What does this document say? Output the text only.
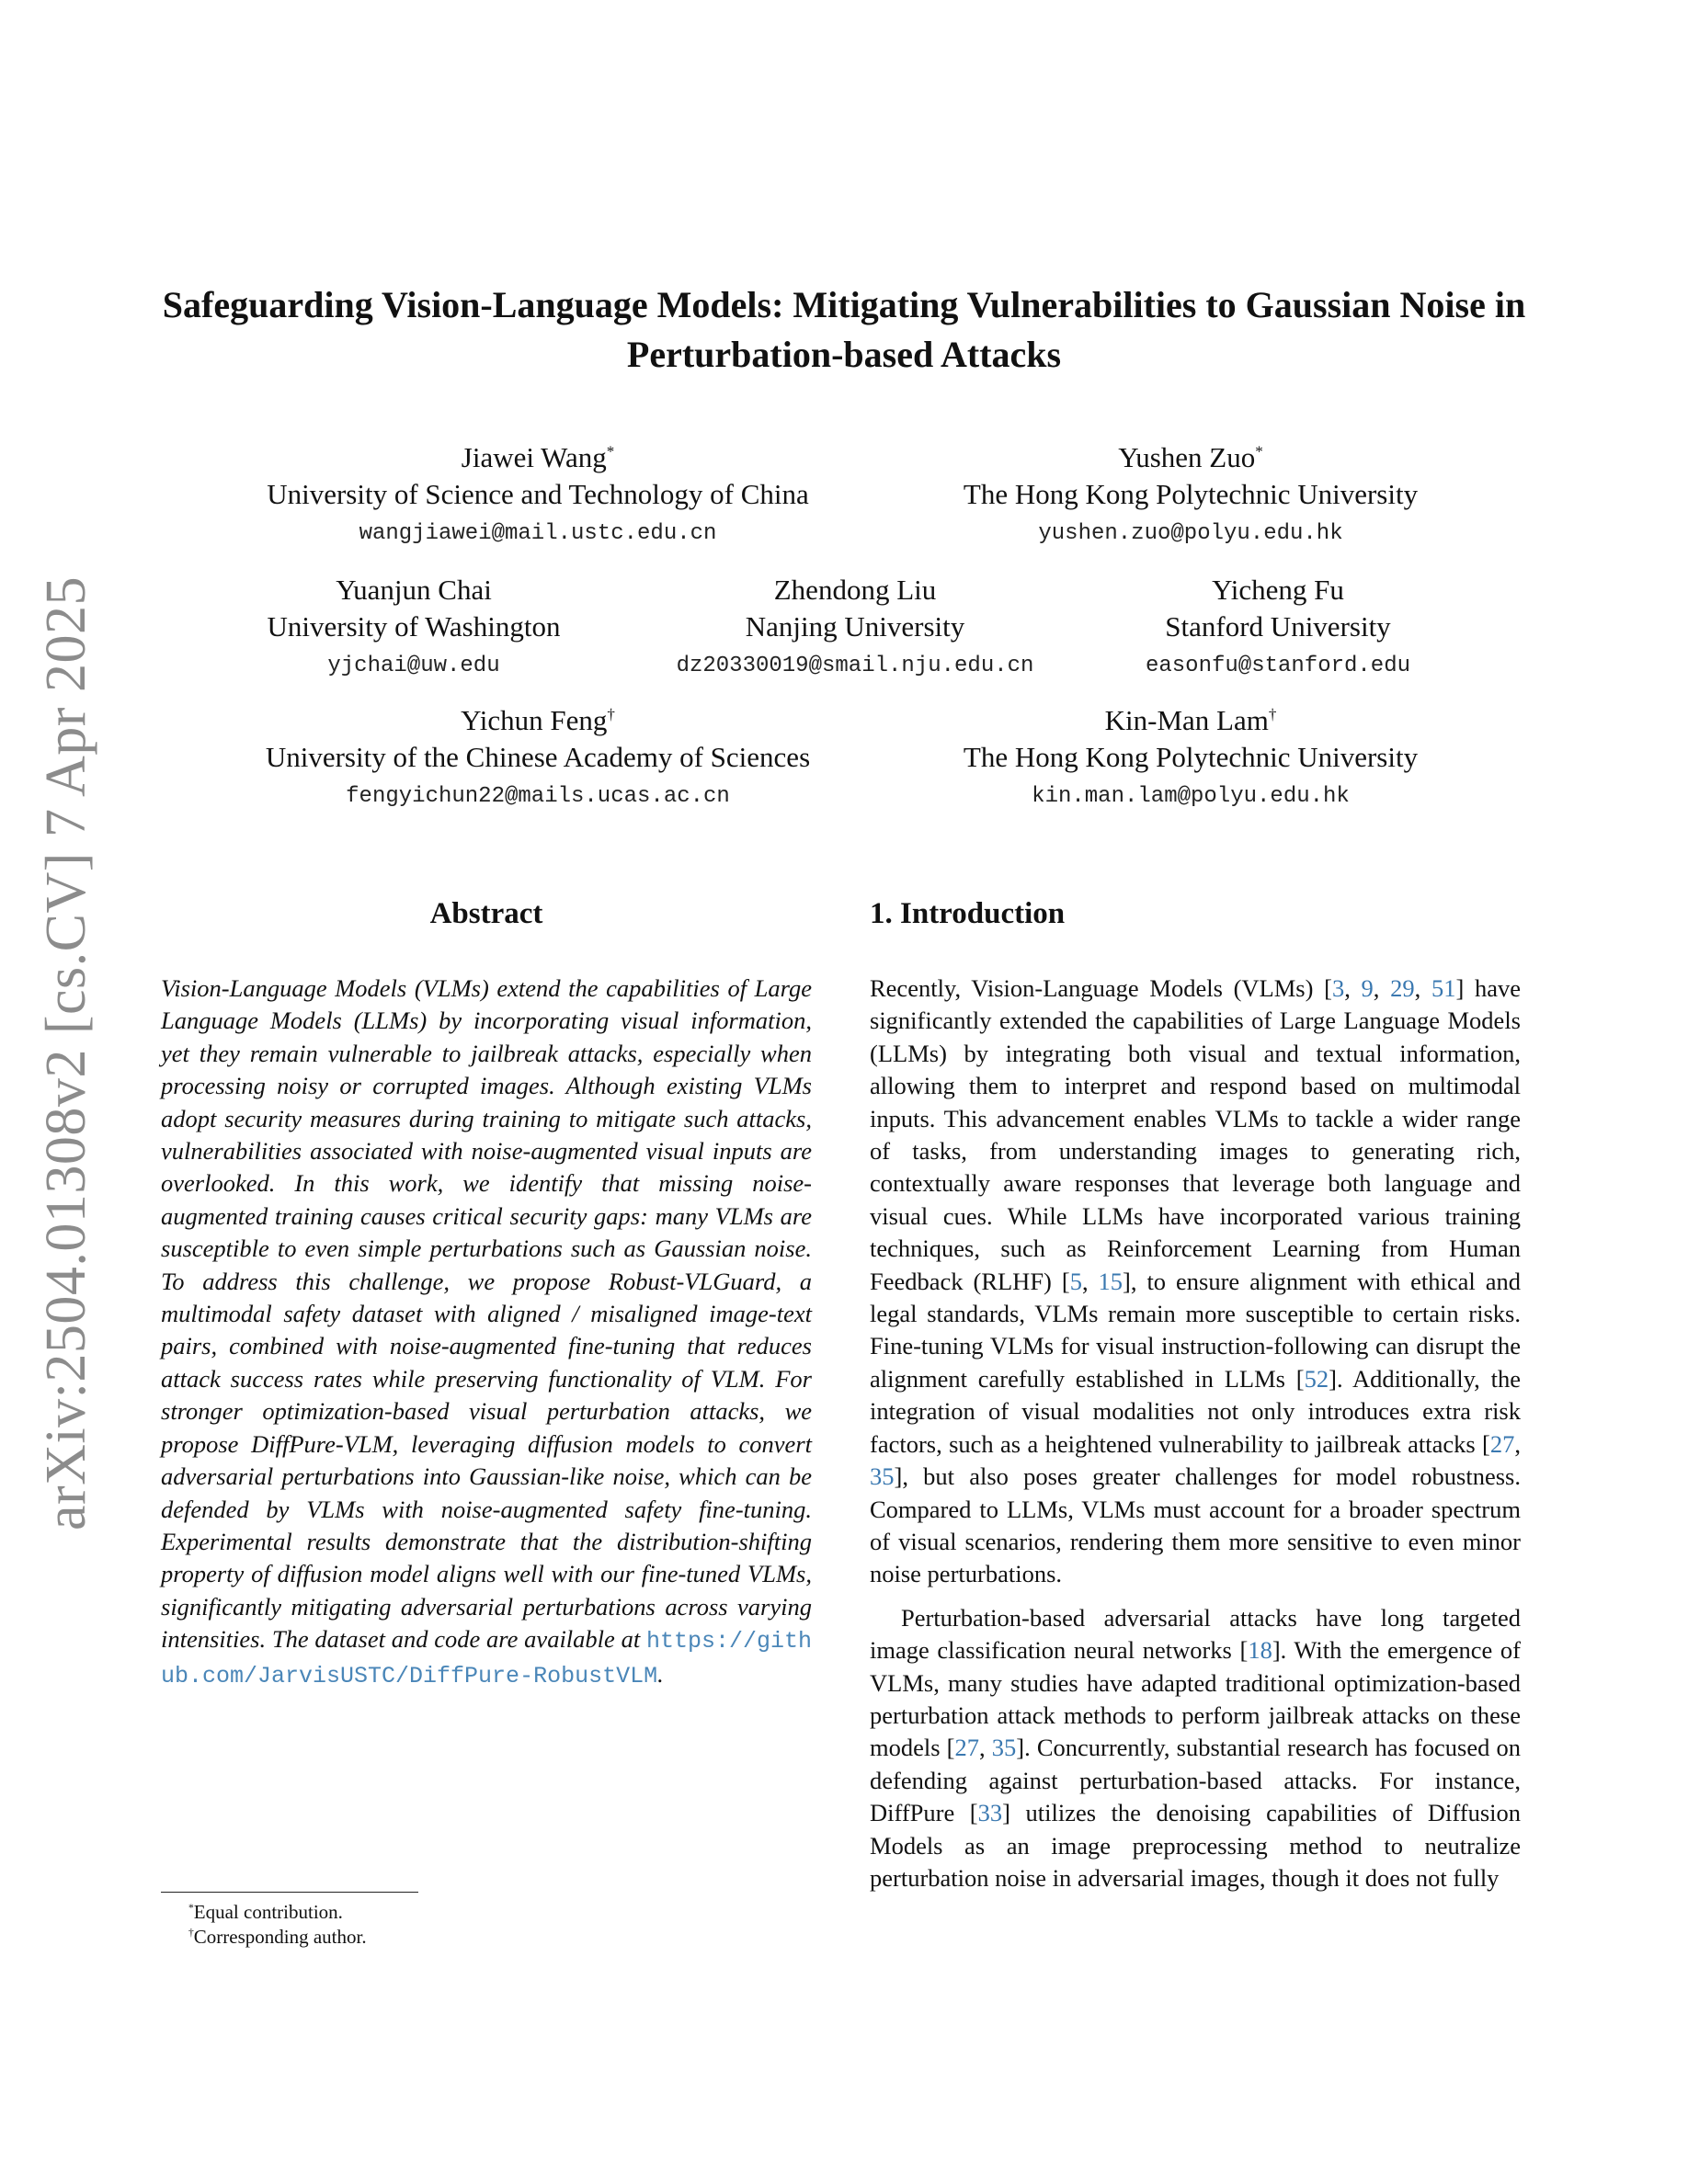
arXiv:2504.01308v2 [cs.CV] 7 Apr 2025
Safeguarding Vision-Language Models: Mitigating Vulnerabilities to Gaussian Noise in Perturbation-based Attacks
Jiawei Wang*
University of Science and Technology of China
wangjiawei@mail.ustc.edu.cn
Yushen Zuo*
The Hong Kong Polytechnic University
yushen.zuo@polyu.edu.hk
Yuanjun Chai
University of Washington
yjchai@uw.edu
Zhendong Liu
Nanjing University
dz20330019@smail.nju.edu.cn
Yicheng Fu
Stanford University
easonfu@stanford.edu
Yichun Feng†
University of the Chinese Academy of Sciences
fengyichun22@mails.ucas.ac.cn
Kin-Man Lam†
The Hong Kong Polytechnic University
kin.man.lam@polyu.edu.hk
Abstract

Vision-Language Models (VLMs) extend the capabilities of Large Language Models (LLMs) by incorporating visual information, yet they remain vulnerable to jailbreak attacks, especially when processing noisy or corrupted images. Although existing VLMs adopt security measures during training to mitigate such attacks, vulnerabilities associated with noise-augmented visual inputs are overlooked. In this work, we identify that missing noise-augmented training causes critical security gaps: many VLMs are susceptible to even simple perturbations such as Gaussian noise. To address this challenge, we propose Robust-VLGuard, a multimodal safety dataset with aligned / misaligned image-text pairs, combined with noise-augmented fine-tuning that reduces attack success rates while preserving functionality of VLM. For stronger optimization-based visual perturbation attacks, we propose DiffPure-VLM, leveraging diffusion models to convert adversarial perturbations into Gaussian-like noise, which can be defended by VLMs with noise-augmented safety fine-tuning. Experimental results demonstrate that the distribution-shifting property of diffusion model aligns well with our fine-tuned VLMs, significantly mitigating adversarial perturbations across varying intensities. The dataset and code are available at https://github.com/JarvisUSTC/DiffPure-RobustVLM.

1. Introduction

Recently, Vision-Language Models (VLMs) [3, 9, 29, 51] have significantly extended the capabilities of Large Language Models (LLMs) by integrating both visual and textual information, allowing them to interpret and respond based on multimodal inputs. This advancement enables VLMs to tackle a wider range of tasks, from understanding images to generating rich, contextually aware responses that leverage both language and visual cues. While LLMs have incorporated various training techniques, such as Reinforcement Learning from Human Feedback (RLHF) [5, 15], to ensure alignment with ethical and legal standards, VLMs remain more susceptible to certain risks. Fine-tuning VLMs for visual instruction-following can disrupt the alignment carefully established in LLMs [52]. Additionally, the integration of visual modalities not only introduces extra risk factors, such as a heightened vulnerability to jailbreak attacks [27, 35], but also poses greater challenges for model robustness. Compared to LLMs, VLMs must account for a broader spectrum of visual scenarios, rendering them more sensitive to even minor noise perturbations.

Perturbation-based adversarial attacks have long targeted image classification neural networks [18]. With the emergence of VLMs, many studies have adapted traditional optimization-based perturbation attack methods to perform jailbreak attacks on these models [27, 35]. Concurrently, substantial research has focused on defending against perturbation-based attacks. For instance, DiffPure [33] utilizes the denoising capabilities of Diffusion Models as an image preprocessing method to neutralize perturbation noise in adversarial images, though it does not fully

*Equal contribution.
†Corresponding author.
